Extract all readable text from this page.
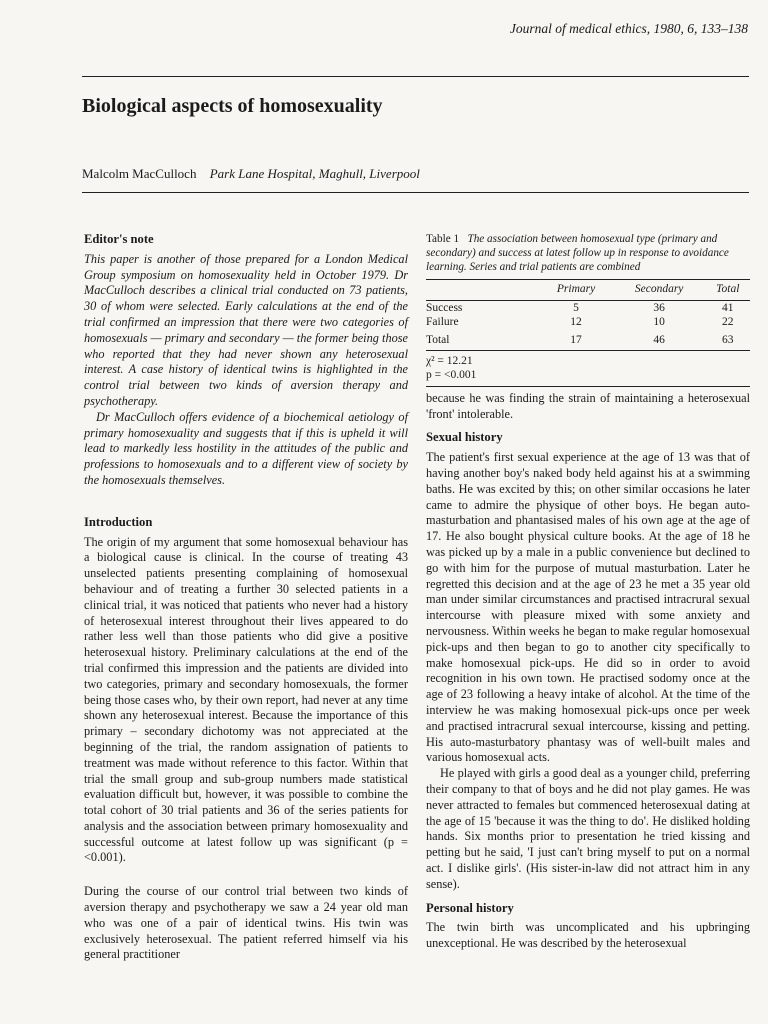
Journal of medical ethics, 1980, 6, 133–138
Biological aspects of homosexuality
Malcolm MacCulloch Park Lane Hospital, Maghull, Liverpool
Editor's note

This paper is another of those prepared for a London Medical Group symposium on homosexuality held in October 1979. Dr MacCulloch describes a clinical trial conducted on 73 patients, 30 of whom were selected. Early calculations at the end of the trial confirmed an impression that there were two categories of homosexuals — primary and secondary — the former being those who reported that they had never shown any heterosexual interest. A case history of identical twins is highlighted in the control trial between two kinds of aversion therapy and psychotherapy.

Dr MacCulloch offers evidence of a biochemical aetiology of primary homosexuality and suggests that if this is upheld it will lead to markedly less hostility in the attitudes of the public and professions to homosexuals and to a different view of society by the homosexuals themselves.

Introduction

The origin of my argument that some homosexual behaviour has a biological cause is clinical. In the course of treating 43 unselected patients presenting complaining of homosexual behaviour and of treating a further 30 selected patients in a clinical trial, it was noticed that patients who never had a history of heterosexual interest throughout their lives appeared to do rather less well than those patients who did give a positive heterosexual history. Preliminary calculations at the end of the trial confirmed this impression and the patients are divided into two categories, primary and secondary homosexuals, the former being those cases who, by their own report, had never at any time shown any heterosexual interest. Because the importance of this primary – secondary dichotomy was not appreciated at the beginning of the trial, the random assignation of patients to treatment was made without reference to this factor. Within that trial the small group and sub-group numbers made statistical evaluation difficult but, however, it was possible to combine the total cohort of 30 trial patients and 36 of the series patients for analysis and the association between primary homosexuality and successful outcome at latest follow up was significant (p = <0.001).

During the course of our control trial between two kinds of aversion therapy and psychotherapy we saw a 24 year old man who was one of a pair of identical twins. His twin was exclusively heterosexual. The patient referred himself via his general practitioner

Table 1 The association between homosexual type (primary and secondary) and success at latest follow up in response to avoidance learning. Series and trial patients are combined
	Primary	Secondary	Total
Success	5	36	41
Failure	12	10	22
Total	17	46	63
χ² = 12.21
p = <0.001

because he was finding the strain of maintaining a heterosexual 'front' intolerable.

Sexual history

The patient's first sexual experience at the age of 13 was that of having another boy's naked body held against his at a swimming baths. He was excited by this; on other similar occasions he later came to admire the physique of other boys. He began auto-masturbation and phantasised males of his own age at the age of 17. He also bought physical culture books. At the age of 18 he was picked up by a male in a public convenience but declined to go with him for the purpose of mutual masturbation. Later he regretted this decision and at the age of 23 he met a 35 year old man under similar circumstances and practised intracrural sexual intercourse with pleasure mixed with some anxiety and nervousness. Within weeks he began to make regular homosexual pick-ups and then began to go to another city specifically to make homosexual pick-ups. He did so in order to avoid recognition in his own town. He practised sodomy once at the age of 23 following a heavy intake of alcohol. At the time of the interview he was making homosexual pick-ups once per week and practised intracrural sexual intercourse, kissing and petting. His auto-masturbatory phantasy was of well-built males and various homosexual acts.

He played with girls a good deal as a younger child, preferring their company to that of boys and he did not play games. He was never attracted to females but commenced heterosexual dating at the age of 15 'because it was the thing to do'. He disliked holding hands. Six months prior to presentation he tried kissing and petting but he said, 'I just can't bring myself to put on a normal act. I dislike girls'. (His sister-in-law did not attract him in any sense).

Personal history

The twin birth was uncomplicated and his upbringing unexceptional. He was described by the heterosexual
